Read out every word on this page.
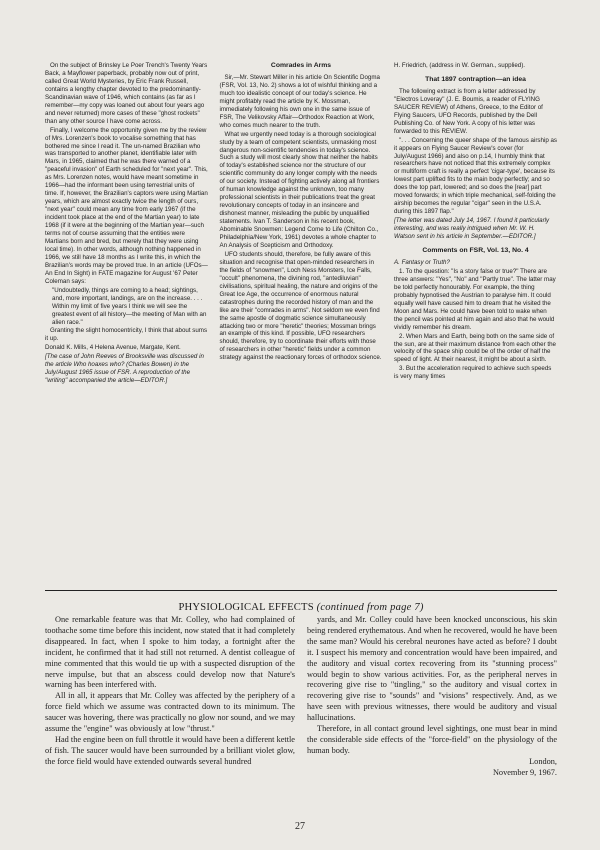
On the subject of Brinsley Le Poer Trench's Twenty Years Back, a Mayflower paperback, probably now out of print, called Great World Mysteries, by Eric Frank Russell, contains a lengthy chapter devoted to the predominantly-Scandinavian wave of 1946, which contains (as far as I remember—my copy was loaned out about four years ago and never returned) more cases of these "ghost rockets" than any other source I have come across.

Finally, I welcome the opportunity given me by the review of Mrs. Lorenzen's book to vocalise something that has bothered me since I read it. The un-named Brazilian who was transported to another planet, identifiable later with Mars, in 1965, claimed that he was there warned of a "peaceful invasion" of Earth scheduled for "next year". This, as Mrs. Lorenzen notes, would have meant sometime in 1966—had the informant been using terrestrial units of time. If, however, the Brazilian's captors were using Martian years, which are almost exactly twice the length of ours, "next year" could mean any time from early 1967 (if the incident took place at the end of the Martian year) to late 1968 (if it were at the beginning of the Martian year—such terms not of course assuming that the entities were Martians born and bred, but merely that they were using local time). In other words, although nothing happened in 1966, we still have 18 months as I write this, in which the Brazilian's words may be proved true. In an article (UFOs—An End In Sight) in FATE magazine for August '67 Peter Coleman says:

"Undoubtedly, things are coming to a head; sightings, and, more important, landings, are on the increase. . . . Within my limit of five years I think we will see the greatest event of all history—the meeting of Man with an alien race."

Granting the slight homocentricity, I think that about sums it up.

Donald K. Mills, 4 Helena Avenue, Margate, Kent.

[The case of John Reeves of Brooksville was discussed in the article Who hoaxes who? (Charles Bowen) in the July/August 1965 issue of FSR. A reproduction of the "writing" accompanied the article—EDITOR.]

Comrades in Arms

Sir,—Mr. Stewart Miller in his article On Scientific Dogma (FSR, Vol. 13, No. 2) shows a lot of wishful thinking and a much too idealistic concept of our today's science. He might profitably read the article by K. Mossman, immediately following his own one in the same issue of FSR, The Velikovsky Affair—Orthodox Reaction at Work, who comes much nearer to the truth.

What we urgently need today is a thorough sociological study by a team of competent scientists, unmasking most dangerous non-scientific tendencies in today's science. Such a study will most clearly show that neither the habits of today's established science nor the structure of our scientific community do any longer comply with the needs of our society. Instead of fighting actively along all frontiers of human knowledge against the unknown, too many professional scientists in their publications treat the great revolutionary concepts of today in an insincere and dishonest manner, misleading the public by unqualified statements. Ivan T. Sanderson in his recent book, Abominable Snowmen: Legend Come to Life (Chilton Co., Philadelphia/New York, 1961) devotes a whole chapter to An Analysis of Scepticism and Orthodoxy.

UFO students should, therefore, be fully aware of this situation and recognise that open-minded researchers in the fields of "snowmen", Loch Ness Monsters, Ice Falls, "occult" phenomena, the divining rod, "antediluvian" civilisations, spiritual healing, the nature and origins of the Great Ice Age, the occurrence of enormous natural catastrophes during the recorded history of man and the like are their "comrades in arms". Not seldom we even find the same apostle of dogmatic science simultaneously attacking two or more "heretic" theories; Mossman brings an example of this kind. If possible, UFO researchers should, therefore, try to coordinate their efforts with those of researchers in other "heretic" fields under a common strategy against the reactionary forces of orthodox science.

H. Friedrich, (address in W. German., supplied).

That 1897 contraption—an idea

The following extract is from a letter addressed by "Electros Loveray" (J. E. Boumis, a reader of FLYING SAUCER REVIEW) of Athens, Greece, to the Editor of Flying Saucers, UFO Records, published by the Dell Publishing Co. of New York. A copy of his letter was forwarded to this REVIEW.

". . . Concerning the queer shape of the famous airship as it appears on Flying Saucer Review's cover (for July/August 1966) and also on p.14, I humbly think that researchers have not noticed that this extremely complex or multiform craft is really a perfect 'cigar-type', because its lowest part uplifted fits to the main body perfectly; and so does the top part, lowered; and so does the [rear] part moved forwards; in which triple mechanical, self-folding the airship becomes the regular "cigar" seen in the U.S.A. during this 1897 flap."

[The letter was dated July 14, 1967. I found it particularly interesting, and was really intrigued when Mr. W. H. Watson sent in his article in September.—EDITOR.]

Comments on FSR, Vol. 13, No. 4

A. Fantasy or Truth?

1. To the question: "Is a story false or true?" There are three answers: "Yes", "No" and "Partly true". The latter may be told perfectly honourably. For example, the thing probably hypnotised the Austrian to paralyse him. It could equally well have caused him to dream that he visited the Moon and Mars. He could have been told to wake when the pencil was pointed at him again and also that he would vividly remember his dream.

2. When Mars and Earth, being both on the same side of the sun, are at their maximum distance from each other the velocity of the space ship could be of the order of half the speed of light. At their nearest, it might be about a sixth.

3. But the acceleration required to achieve such speeds is very many times

PHYSIOLOGICAL EFFECTS (continued from page 7)

One remarkable feature was that Mr. Colley, who had complained of toothache some time before this incident, now stated that it had completely disappeared. In fact, when I spoke to him today, a fortnight after the incident, he confirmed that it had still not returned. A dentist colleague of mine commented that this would tie up with a suspected disruption of the nerve impulse, but that an abscess could develop now that Nature's warning has been interfered with.

All in all, it appears that Mr. Colley was affected by the periphery of a force field which we assume was contracted down to its minimum. The saucer was hovering, there was practically no glow nor sound, and we may assume the "engine" was obviously at low "thrust."

Had the engine been on full throttle it would have been a different kettle of fish. The saucer would have been surrounded by a brilliant violet glow, the force field would have extended outwards several hundred

yards, and Mr. Colley could have been knocked unconscious, his skin being rendered erythematous. And when he recovered, would he have been the same man? Would his cerebral neurones have acted as before? I doubt it. I suspect his memory and concentration would have been impaired, and the auditory and visual cortex recovering from its "stunning process" would begin to show various activities. For, as the peripheral nerves in recovering give rise to "tingling," so the auditory and visual cortex in recovering give rise to "sounds" and "visions" respectively. And, as we have seen with previous witnesses, there would be auditory and visual hallucinations.

Therefore, in all contact ground level sightings, one must bear in mind the considerable side effects of the "force-field" on the physiology of the human body.

London,

November 9, 1967.

27
